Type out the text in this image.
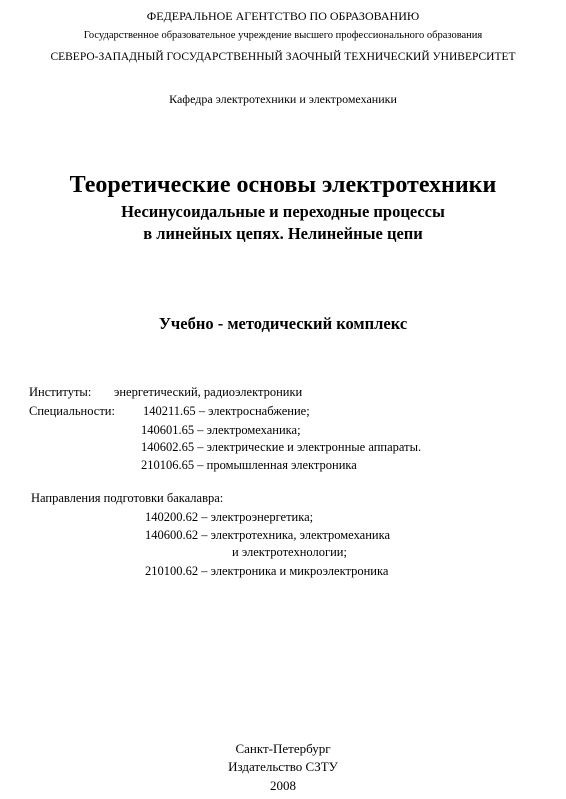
ФЕДЕРАЛЬНОЕ АГЕНТСТВО ПО ОБРАЗОВАНИЮ
Государственное образовательное учреждение высшего профессионального образования
СЕВЕРО-ЗАПАДНЫЙ ГОСУДАРСТВЕННЫЙ ЗАОЧНЫЙ ТЕХНИЧЕСКИЙ УНИВЕРСИТЕТ
Кафедра электротехники и электромеханики
Теоретические основы электротехники
Несинусоидальные и переходные процессы
в линейных цепях. Нелинейные цепи
Учебно - методический комплекс
Институты: энергетический, радиоэлектроники
Специальности: 140211.65 – электроснабжение;
140601.65 – электромеханика;
140602.65 – электрические и электронные аппараты.
210106.65 – промышленная электроника
Направления подготовки бакалавра:
140200.62 – электроэнергетика;
140600.62 – электротехника, электромеханика
и электротехнологии;
210100.62 – электроника и микроэлектроника
Санкт-Петербург
Издательство СЗТУ
2008
